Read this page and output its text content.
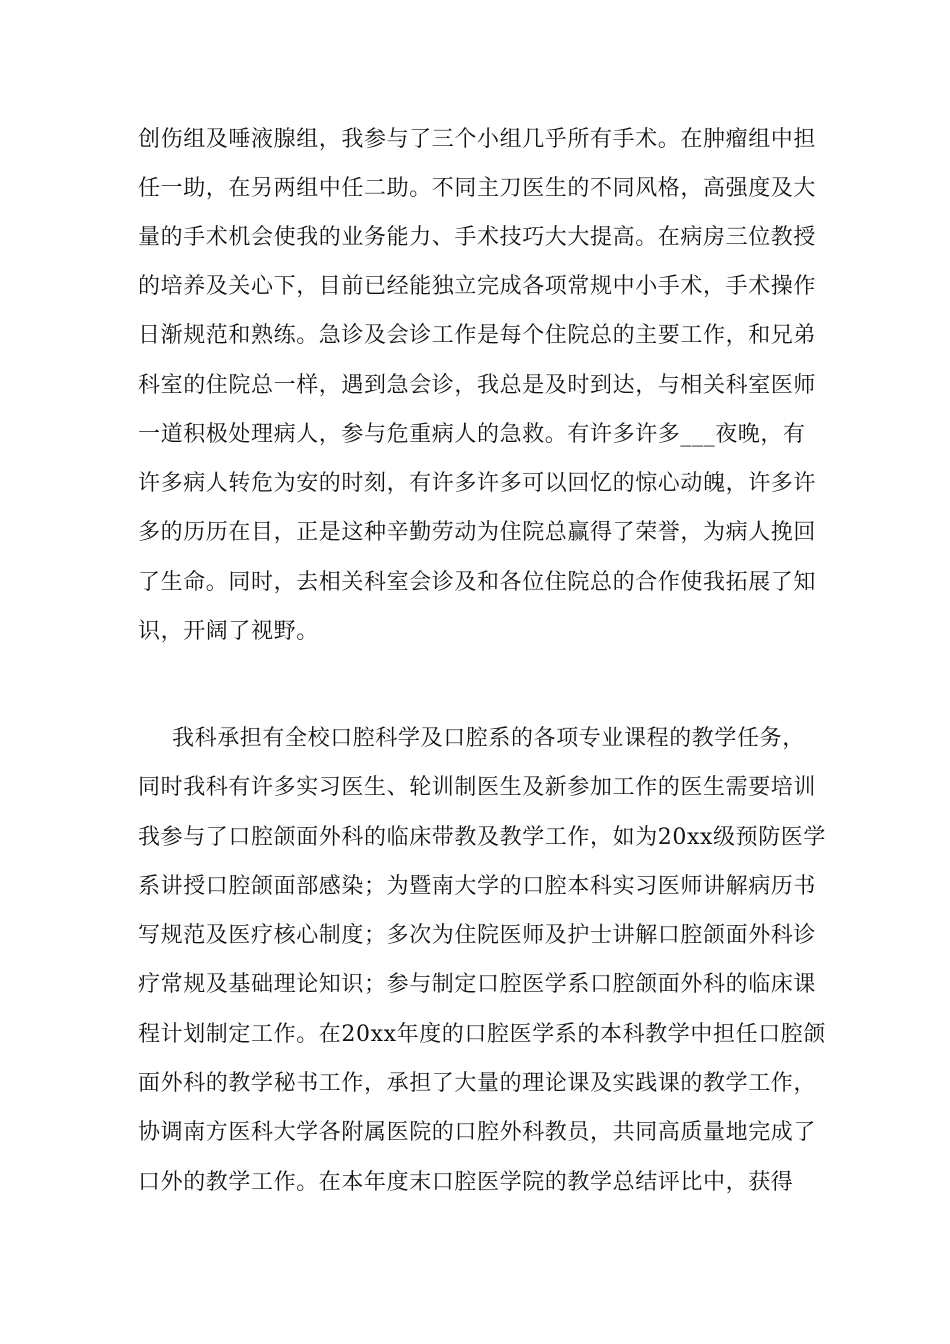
创伤组及唾液腺组，我参与了三个小组几乎所有手术。在肿瘤组中担
任一助，在另两组中任二助。不同主刀医生的不同风格，高强度及大
量的手术机会使我的业务能力、手术技巧大大提高。在病房三位教授
的培养及关心下，目前已经能独立完成各项常规中小手术，手术操作
日渐规范和熟练。急诊及会诊工作是每个住院总的主要工作，和兄弟
科室的住院总一样，遇到急会诊，我总是及时到达，与相关科室医师
一道积极处理病人，参与危重病人的急救。有许多许多___夜晚，有
许多病人转危为安的时刻，有许多许多可以回忆的惊心动魄，许多许
多的历历在目，正是这种辛勤劳动为住院总赢得了荣誉，为病人挽回
了生命。同时，去相关科室会诊及和各位住院总的合作使我拓展了知
识，开阔了视野。
我科承担有全校口腔科学及口腔系的各项专业课程的教学任务，
同时我科有许多实习医生、轮训制医生及新参加工作的医生需要培训
我参与了口腔颌面外科的临床带教及教学工作，如为20xx级预防医学
系讲授口腔颌面部感染；为暨南大学的口腔本科实习医师讲解病历书
写规范及医疗核心制度；多次为住院医师及护士讲解口腔颌面外科诊
疗常规及基础理论知识；参与制定口腔医学系口腔颌面外科的临床课
程计划制定工作。在20xx年度的口腔医学系的本科教学中担任口腔颌
面外科的教学秘书工作，承担了大量的理论课及实践课的教学工作，
协调南方医科大学各附属医院的口腔外科教员，共同高质量地完成了
口外的教学工作。在本年度末口腔医学院的教学总结评比中，获得
